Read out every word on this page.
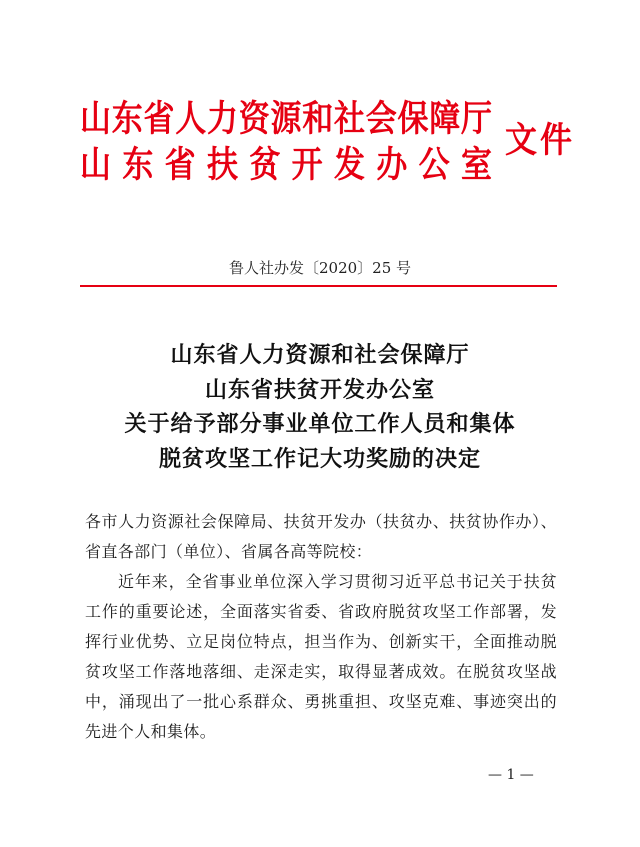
山东省人力资源和社会保障厅
山东省扶贫开发办公室
文件
鲁人社办发〔2020〕25 号
山东省人力资源和社会保障厅
山东省扶贫开发办公室
关于给予部分事业单位工作人员和集体
脱贫攻坚工作记大功奖励的决定
各市人力资源社会保障局、扶贫开发办（扶贫办、扶贫协作办）、
省直各部门（单位）、省属各高等院校：
近年来，全省事业单位深入学习贯彻习近平总书记关于扶贫
工作的重要论述，全面落实省委、省政府脱贫攻坚工作部署，发
挥行业优势、立足岗位特点，担当作为、创新实干，全面推动脱
贫攻坚工作落地落细、走深走实，取得显著成效。在脱贫攻坚战
中，涌现出了一批心系群众、勇挑重担、攻坚克难、事迹突出的
先进个人和集体。
— 1 —
